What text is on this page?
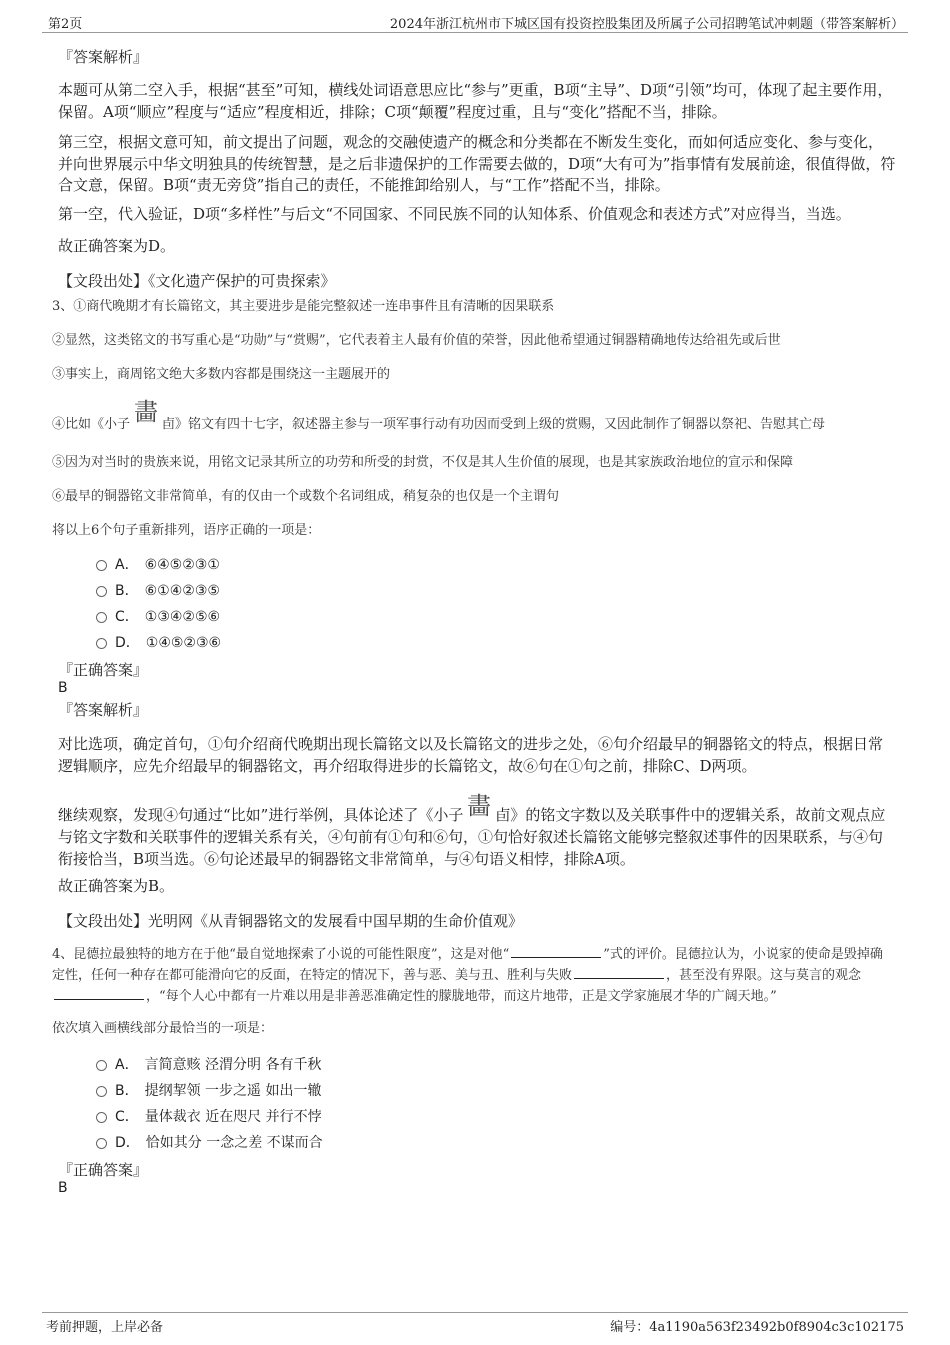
第2页	2024年浙江杭州市下城区国有投资控股集团及所属子公司招聘笔试冲刺题（带答案解析）
『答案解析』
本题可从第二空入手，根据“甚至”可知，横线处词语意思应比“参与”更重，B项“主导”、D项“引领”均可，体现了起主要作用，保留。A项“顺应”程度与“适应”程度相近，排除；C项“颠覆”程度过重，且与“变化”搭配不当，排除。
第三空，根据文意可知，前文提出了问题，观念的交融使遗产的概念和分类都在不断发生变化，而如何适应变化、参与变化，并向世界展示中华文明独具的传统智慧，是之后非遗保护的工作需要去做的，D项“大有可为”指事情有发展前途，很值得做，符合文意，保留。B项“责无旁贷”指自己的责任，不能推卸给别人，与“工作”搭配不当，排除。
第一空，代入验证，D项“多样性”与后文“不同国家、不同民族不同的认知体系、价值观念和表述方式”对应得当，当选。
故正确答案为D。
【文段出处】《文化遗产保护的可贵探索》
3、①商代晚期才有长篇铭文，其主要进步是能完整叙述一连串事件且有清晰的因果联系
②显然，这类铭文的书写重心是“功勋”与“赏赐”，它代表着主人最有价值的荣誉，因此他希望通过铜器精确地传达给祖先或后世
③事实上，商周铭文绝大多数内容都是围绕这一主题展开的
④比如《小子 畵 卣》铭文有四十七字，叙述器主参与一项军事行动有功因而受到上级的赏赐，又因此制作了铜器以祭祀、告慰其亡母
⑤因为对当时的贵族来说，用铭文记录其所立的功劳和所受的封赏，不仅是其人生价值的展现，也是其家族政治地位的宣示和保障
⑥最早的铜器铭文非常简单，有的仅由一个或数个名词组成，稍复杂的也仅是一个主谓句
将以上6个句子重新排列，语序正确的一项是：
A． ⑥④⑤②③①
B． ⑥①④②③⑤
C． ①③④②⑤⑥
D． ①④⑤②③⑥
『正确答案』
B
『答案解析』
对比选项，确定首句，①句介绍商代晚期出现长篇铭文以及长篇铭文的进步之处，⑥句介绍最早的铜器铭文的特点，根据日常逻辑顺序，应先介绍最早的铜器铭文，再介绍取得进步的长篇铭文，故⑥句在①句之前，排除C、D两项。
继续观察，发现④句通过“比如”进行举例，具体论述了《小子 畵 卣》的铭文字数以及关联事件中的逻辑关系，故前文观点应与铭文字数和关联事件的逻辑关系有关，④句前有①句和⑥句，①句恰好叙述长篇铭文能够完整叙述事件的因果联系，与④句衔接恰当，B项当选。⑥句论述最早的铜器铭文非常简单，与④句语义相悖，排除A项。
故正确答案为B。
【文段出处】光明网《从青铜器铭文的发展看中国早期的生命价值观》
4、昆德拉最独特的地方在于他“最自觉地探索了小说的可能性限度”，这是对他“	”式的评价。昆德拉认为，小说家的使命是毁掉确定性，任何一种存在都可能滑向它的反面，在特定的情况下，善与恶、美与丑、胜利与失败	，甚至没有界限。这与莫言的观念，“每个人心中都有一片难以用是非善恶准确定性的朦胧地带，而这片地带，正是文学家施展才华的广阔天地。”
依次填入画横线部分最恰当的一项是：
A． 言简意赅 泾渭分明 各有千秋
B． 提纲挈领 一步之遥 如出一辙
C． 量体裁衣 近在咫尺 并行不悖
D． 恰如其分 一念之差 不谋而合
『正确答案』
B
考前押题，上岸必备	编号：4a1190a563f23492b0f8904c3c102175
